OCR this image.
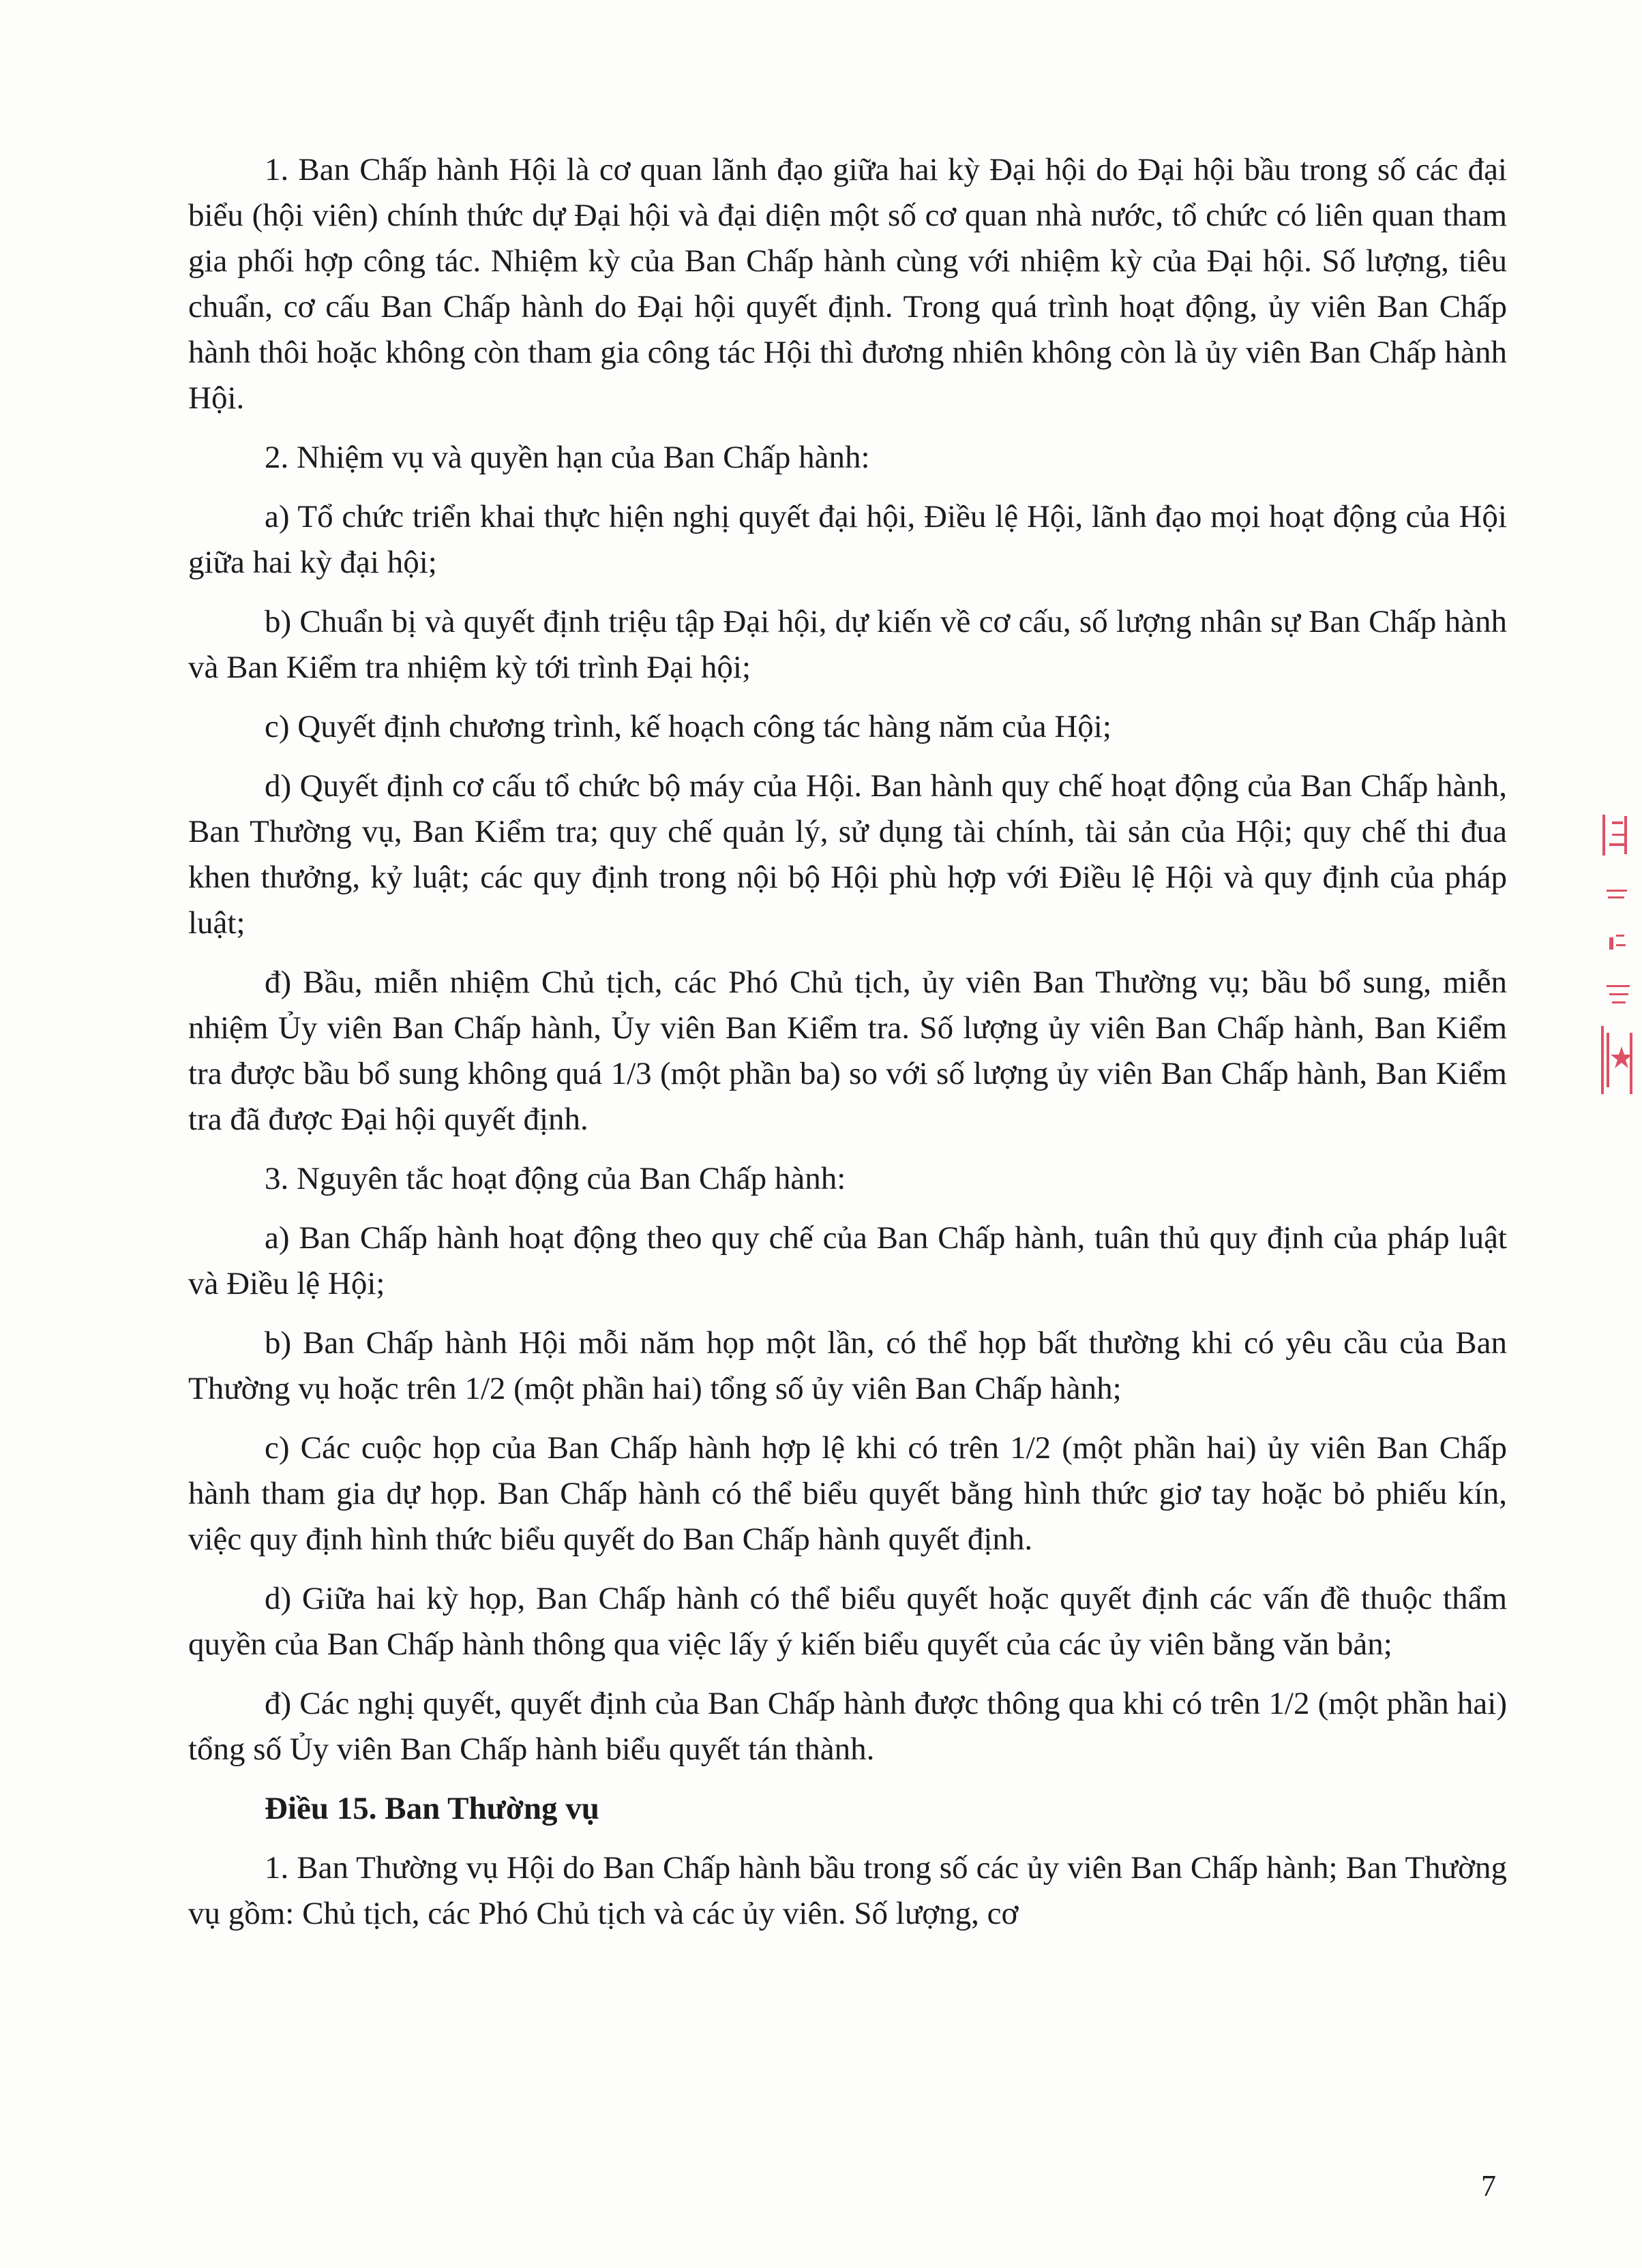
1. Ban Chấp hành Hội là cơ quan lãnh đạo giữa hai kỳ Đại hội do Đại hội bầu trong số các đại biểu (hội viên) chính thức dự Đại hội và đại diện một số cơ quan nhà nước, tổ chức có liên quan tham gia phối hợp công tác. Nhiệm kỳ của Ban Chấp hành cùng với nhiệm kỳ của Đại hội. Số lượng, tiêu chuẩn, cơ cấu Ban Chấp hành do Đại hội quyết định. Trong quá trình hoạt động, ủy viên Ban Chấp hành thôi hoặc không còn tham gia công tác Hội thì đương nhiên không còn là ủy viên Ban Chấp hành Hội.

2. Nhiệm vụ và quyền hạn của Ban Chấp hành:

a) Tổ chức triển khai thực hiện nghị quyết đại hội, Điều lệ Hội, lãnh đạo mọi hoạt động của Hội giữa hai kỳ đại hội;

b) Chuẩn bị và quyết định triệu tập Đại hội, dự kiến về cơ cấu, số lượng nhân sự Ban Chấp hành và Ban Kiểm tra nhiệm kỳ tới trình Đại hội;

c) Quyết định chương trình, kế hoạch công tác hàng năm của Hội;

d) Quyết định cơ cấu tổ chức bộ máy của Hội. Ban hành quy chế hoạt động của Ban Chấp hành, Ban Thường vụ, Ban Kiểm tra; quy chế quản lý, sử dụng tài chính, tài sản của Hội; quy chế thi đua khen thưởng, kỷ luật; các quy định trong nội bộ Hội phù hợp với Điều lệ Hội và quy định của pháp luật;

đ) Bầu, miễn nhiệm Chủ tịch, các Phó Chủ tịch, ủy viên Ban Thường vụ; bầu bổ sung, miễn nhiệm Ủy viên Ban Chấp hành, Ủy viên Ban Kiểm tra. Số lượng ủy viên Ban Chấp hành, Ban Kiểm tra được bầu bổ sung không quá 1/3 (một phần ba) so với số lượng ủy viên Ban Chấp hành, Ban Kiểm tra đã được Đại hội quyết định.

3. Nguyên tắc hoạt động của Ban Chấp hành:

a) Ban Chấp hành hoạt động theo quy chế của Ban Chấp hành, tuân thủ quy định của pháp luật và Điều lệ Hội;

b) Ban Chấp hành Hội mỗi năm họp một lần, có thể họp bất thường khi có yêu cầu của Ban Thường vụ hoặc trên 1/2 (một phần hai) tổng số ủy viên Ban Chấp hành;

c) Các cuộc họp của Ban Chấp hành hợp lệ khi có trên 1/2 (một phần hai) ủy viên Ban Chấp hành tham gia dự họp. Ban Chấp hành có thể biểu quyết bằng hình thức giơ tay hoặc bỏ phiếu kín, việc quy định hình thức biểu quyết do Ban Chấp hành quyết định.

d) Giữa hai kỳ họp, Ban Chấp hành có thể biểu quyết hoặc quyết định các vấn đề thuộc thẩm quyền của Ban Chấp hành thông qua việc lấy ý kiến biểu quyết của các ủy viên bằng văn bản;

đ) Các nghị quyết, quyết định của Ban Chấp hành được thông qua khi có trên 1/2 (một phần hai) tổng số Ủy viên Ban Chấp hành biểu quyết tán thành.

Điều 15. Ban Thường vụ

1. Ban Thường vụ Hội do Ban Chấp hành bầu trong số các ủy viên Ban Chấp hành; Ban Thường vụ gồm: Chủ tịch, các Phó Chủ tịch và các ủy viên. Số lượng, cơ

7
